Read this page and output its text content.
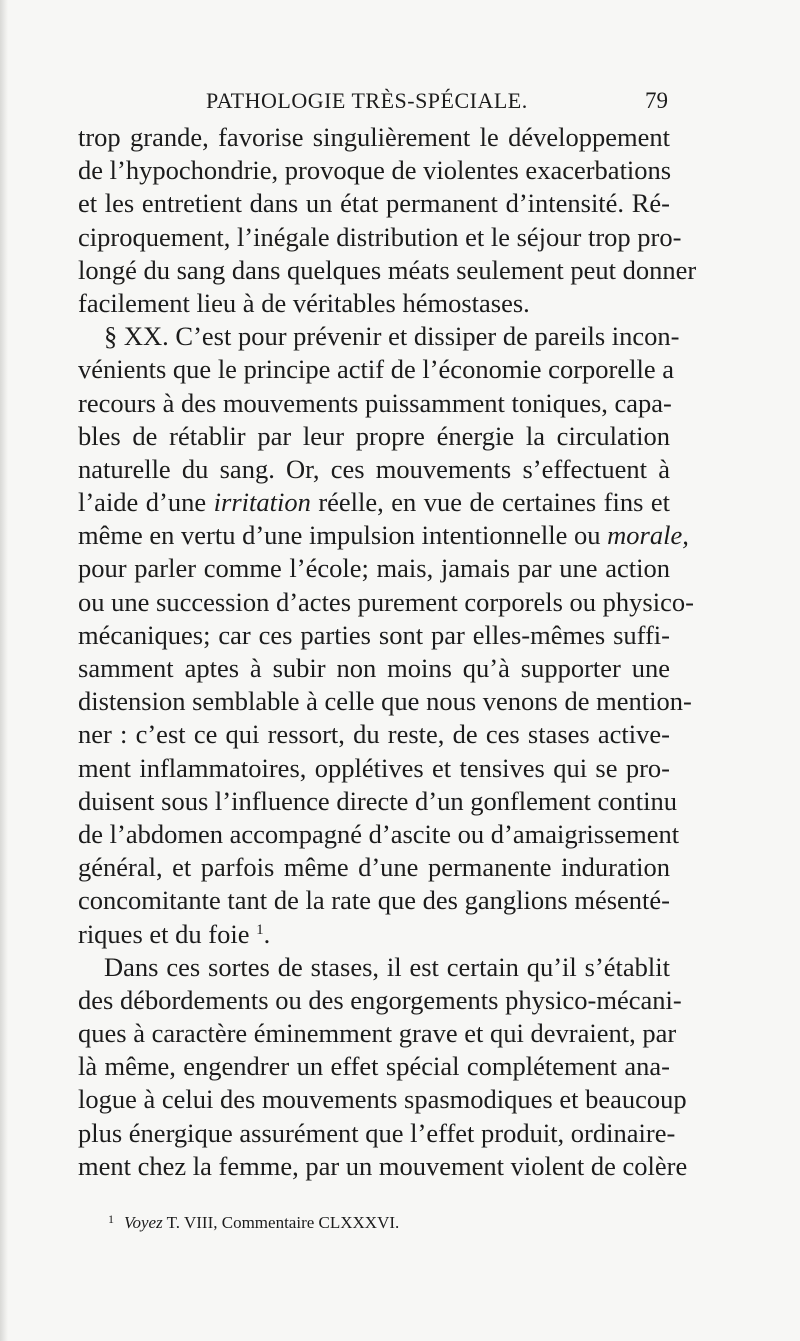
PATHOLOGIE TRÈS-SPÉCIALE.	79
trop grande, favorise singulièrement le développement
de l’hypochondrie, provoque de violentes exacerbations
et les entretient dans un état permanent d’intensité. Ré-
ciproquement, l’inégale distribution et le séjour trop pro-
longé du sang dans quelques méats seulement peut donner
facilement lieu à de véritables hémostases.
§ XX. C’est pour prévenir et dissiper de pareils incon-
vénients que le principe actif de l’économie corporelle a
recours à des mouvements puissamment toniques, capa-
bles de rétablir par leur propre énergie la circulation
naturelle du sang. Or, ces mouvements s’effectuent à
l’aide d’une irritation réelle, en vue de certaines fins et
même en vertu d’une impulsion intentionnelle ou morale,
pour parler comme l’école; mais, jamais par une action
ou une succession d’actes purement corporels ou physico-
mécaniques; car ces parties sont par elles-mêmes suffi-
samment aptes à subir non moins qu’à supporter une
distension semblable à celle que nous venons de mention-
ner : c’est ce qui ressort, du reste, de ces stases active-
ment inflammatoires, opplétives et tensives qui se pro-
duisent sous l’influence directe d’un gonflement continu
de l’abdomen accompagné d’ascite ou d’amaigrissement
général, et parfois même d’une permanente induration
concomitante tant de la rate que des ganglions mésenté-
riques et du foie $^1$.
Dans ces sortes de stases, il est certain qu’il s’établit
des débordements ou des engorgements physico-mécani-
ques à caractère éminemment grave et qui devraient, par
là même, engendrer un effet spécial complétement ana-
logue à celui des mouvements spasmodiques et beaucoup
plus énergique assurément que l’effet produit, ordinaire-
ment chez la femme, par un mouvement violent de colère
$^1$ Voyez T. VIII, Commentaire CLXXXVI.
